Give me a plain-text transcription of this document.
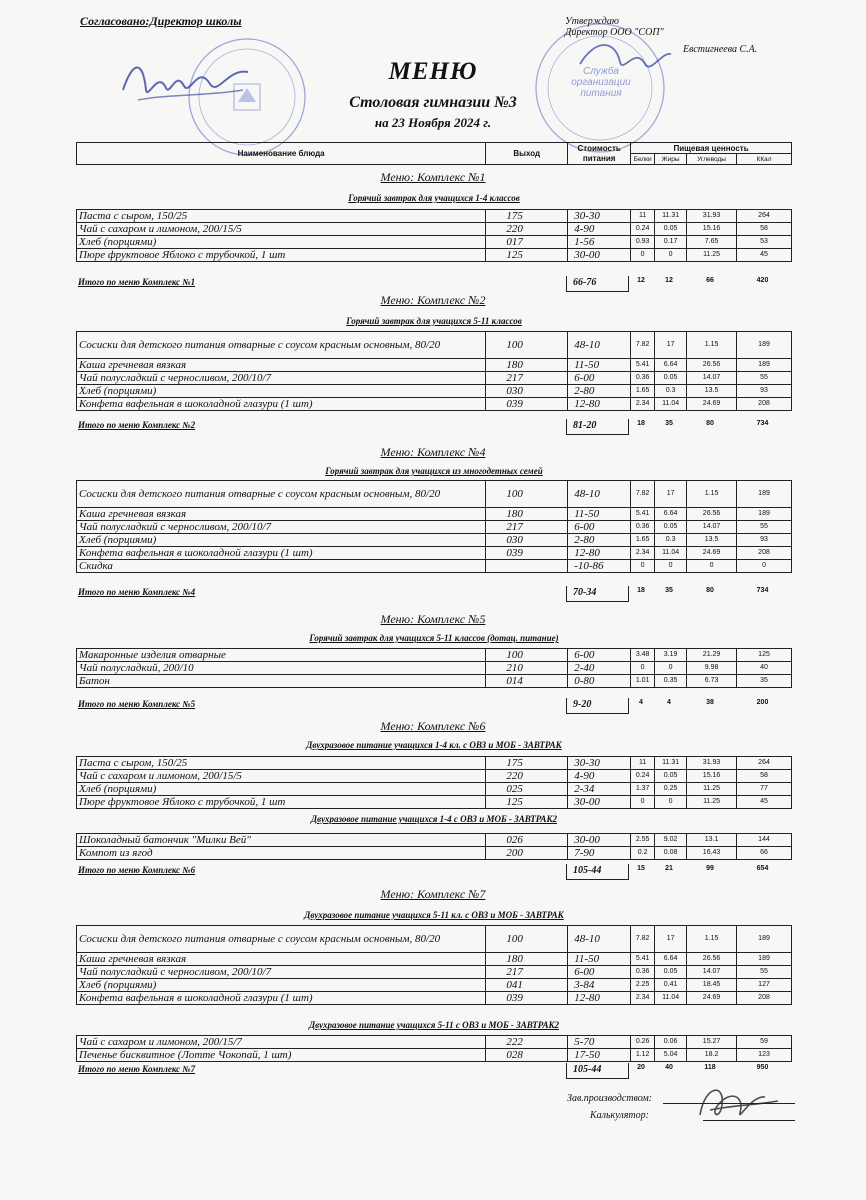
Служба
организации
питания
Согласовано:Директор школы	Утверждаю
Директор ООО "СОП"
Евстигнеева С.А.
МЕНЮ
Столовая гимназии №3
на 23 Ноября 2024 г.
Наименование блюда	Выход	Стоимость питания	Пищевая ценность			
			Белки	Жиры	Углеводы	ККал
Меню: Комплекс №1
Горячий завтрак для учащихся 1-4 классов
Паста с сыром, 150/25	175	30-30	11	11.31	31.93	264
Чай с сахаром и лимоном, 200/15/5	220	4-90	0.24	0.05	15.16	58
Хлеб (порциями)	017	1-56	0.93	0.17	7.65	53
Пюре фруктовое Яблоко с трубочкой, 1 шт	125	30-00	0	0	11.25	45
Итого по меню Комплекс №1	66-76	12	12	66	420
Меню: Комплекс №2
Горячий завтрак для учащихся 5-11 классов
Сосиски для детского питания отварные с соусом красным основным, 80/20	100	48-10	7.82	17	1.15	189
Каша гречневая вязкая	180	11-50	5.41	6.64	26.56	189
Чай полусладкий с черносливом, 200/10/7	217	6-00	0.36	0.05	14.07	55
Хлеб (порциями)	030	2-80	1.65	0.3	13.5	93
Конфета вафельная в шоколадной глазури (1 шт)	039	12-80	2.34	11.04	24.69	208
Итого по меню Комплекс №2	81-20	18	35	80	734
Меню: Комплекс №4
Горячий завтрак для учащихся из многодетных семей
Сосиски для детского питания отварные с соусом красным основным, 80/20	100	48-10	7.82	17	1.15	189
Каша гречневая вязкая	180	11-50	5.41	6.64	26.56	189
Чай полусладкий с черносливом, 200/10/7	217	6-00	0.36	0.05	14.07	55
Хлеб (порциями)	030	2-80	1.65	0.3	13.5	93
Конфета вафельная в шоколадной глазури (1 шт)	039	12-80	2.34	11.04	24.69	208
Скидка		-10-86	0	0	0	0
Итого по меню Комплекс №4	70-34	18	35	80	734
Меню: Комплекс №5
Горячий завтрак для учащихся 5-11 классов (дотац. питание)
Макаронные изделия отварные	100	6-00	3.48	3.19	21.29	125
Чай полусладкий, 200/10	210	2-40	0	0	9.98	40
Батон	014	0-80	1.01	0.35	6.73	35
Итого по меню Комплекс №5	9-20	4	4	38	200
Меню: Комплекс №6
Двухразовое питание учащихся 1-4 кл. с ОВЗ и МОБ - ЗАВТРАК
Паста с сыром, 150/25	175	30-30	11	11.31	31.93	264
Чай с сахаром и лимоном, 200/15/5	220	4-90	0.24	0.05	15.16	58
Хлеб (порциями)	025	2-34	1.37	0.25	11.25	77
Пюре фруктовое Яблоко с трубочкой, 1 шт	125	30-00	0	0	11.25	45
Двухразовое питание учащихся 1-4 с ОВЗ и МОБ - ЗАВТРАК2
Шоколадный батончик "Милки Вей"	026	30-00	2.55	9.02	13.1	144
Компот из ягод	200	7-90	0.2	0.08	16.43	66
Итого по меню Комплекс №6	105-44	15	21	99	654
Меню: Комплекс №7
Двухразовое питание учащихся 5-11 кл. с ОВЗ и МОБ - ЗАВТРАК
Сосиски для детского питания отварные с соусом красным основным, 80/20	100	48-10	7.82	17	1.15	189
Каша гречневая вязкая	180	11-50	5.41	6.64	26.56	189
Чай полусладкий с черносливом, 200/10/7	217	6-00	0.36	0.05	14.07	55
Хлеб (порциями)	041	3-84	2.25	0.41	18.45	127
Конфета вафельная в шоколадной глазури (1 шт)	039	12-80	2.34	11.04	24.69	208
Двухразовое питание учащихся 5-11 с ОВЗ и МОБ - ЗАВТРАК2
Чай с сахаром и лимоном, 200/15/7	222	5-70	0.26	0.06	15.27	59
Печенье бисквитное (Лотте Чокопай, 1 шт)	028	17-50	1.12	5.04	18.2	123
Итого по меню Комплекс №7	105-44	20	40	118	950
Зав.производством:
Калькулятор:
